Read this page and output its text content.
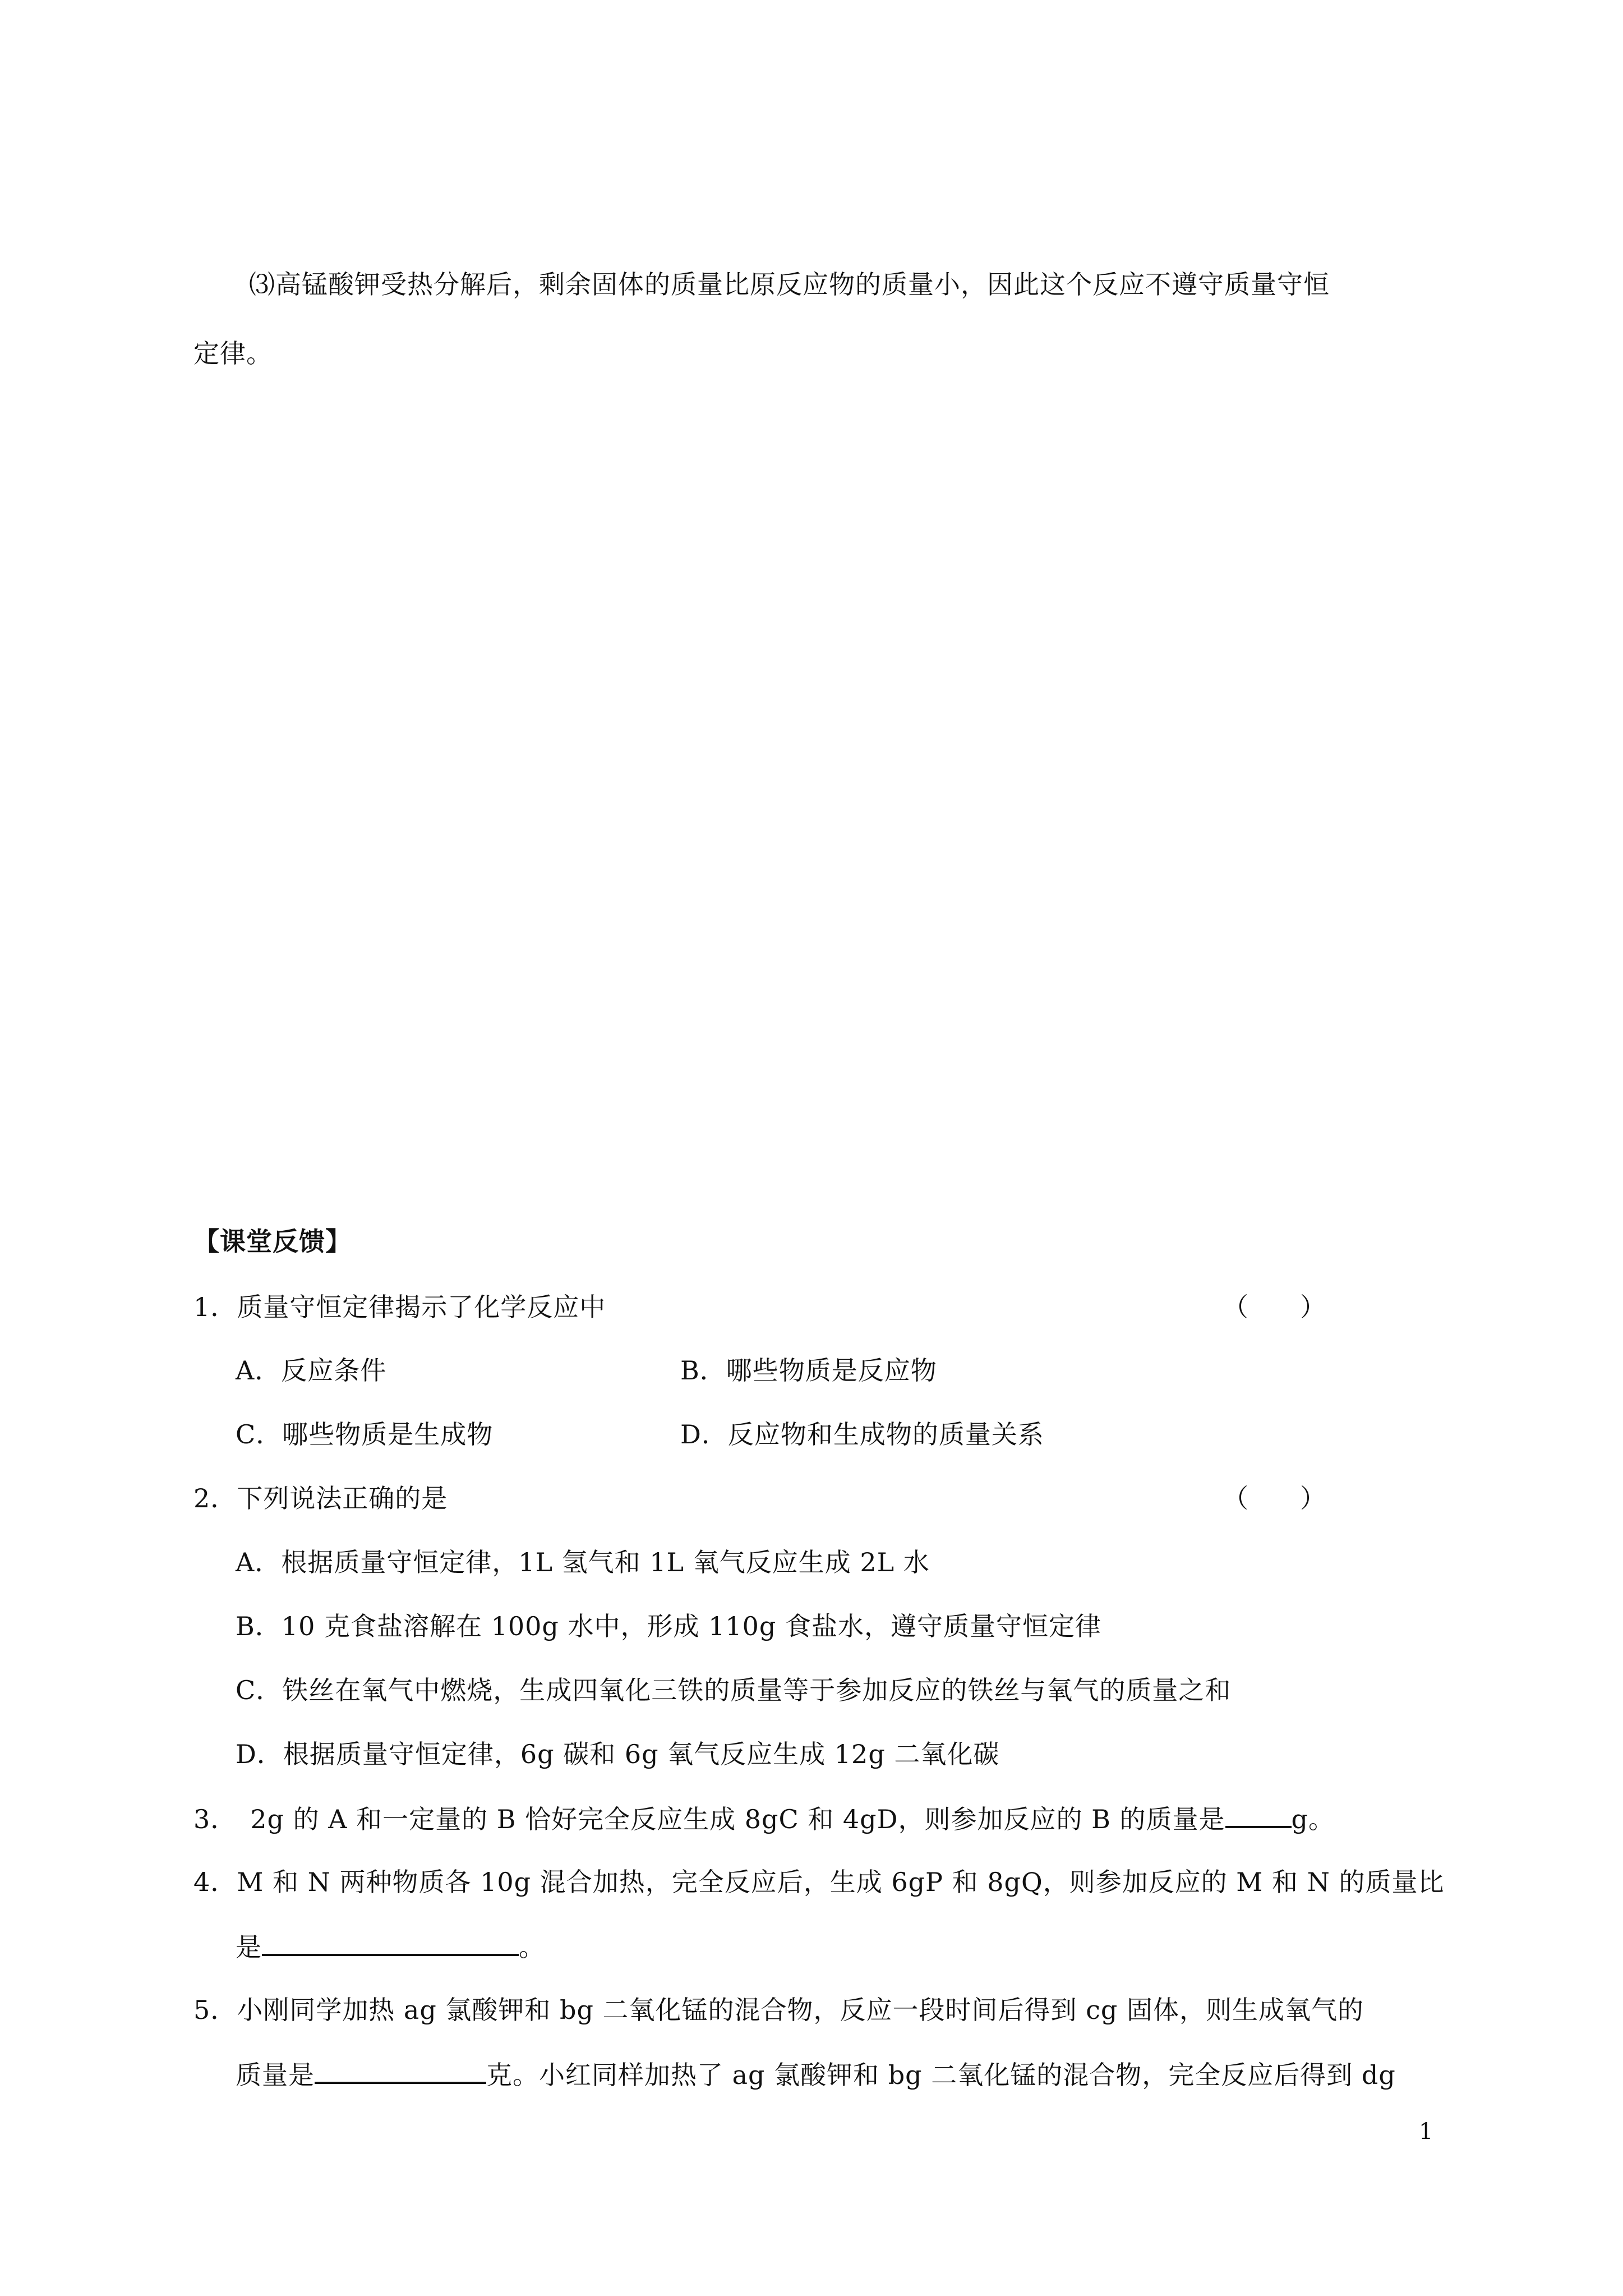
⑶高锰酸钾受热分解后，剩余固体的质量比原反应物的质量小，因此这个反应不遵守质量守恒
定律。
【课堂反馈】
1．质量守恒定律揭示了化学反应中	（　　）
A．反应条件	B．哪些物质是反应物
C．哪些物质是生成物	D．反应物和生成物的质量关系
2．下列说法正确的是	（　　）
A．根据质量守恒定律，1L 氢气和 1L 氧气反应生成 2L 水
B．10 克食盐溶解在 100g 水中，形成 110g 食盐水，遵守质量守恒定律
C．铁丝在氧气中燃烧，生成四氧化三铁的质量等于参加反应的铁丝与氧气的质量之和
D．根据质量守恒定律，6g 碳和 6g 氧气反应生成 12g 二氧化碳
3．　2g 的 A 和一定量的 B 恰好完全反应生成 8gC 和 4gD，则参加反应的 B 的质量是	g。
4．M 和 N 两种物质各 10g 混合加热，完全反应后，生成 6gP 和 8gQ，则参加反应的 M 和 N 的质量比
是	。
5．小刚同学加热 ag 氯酸钾和 bg 二氧化锰的混合物，反应一段时间后得到 cg 固体，则生成氧气的
质量是	克。小红同样加热了 ag 氯酸钾和 bg 二氧化锰的混合物，完全反应后得到 dg
1
